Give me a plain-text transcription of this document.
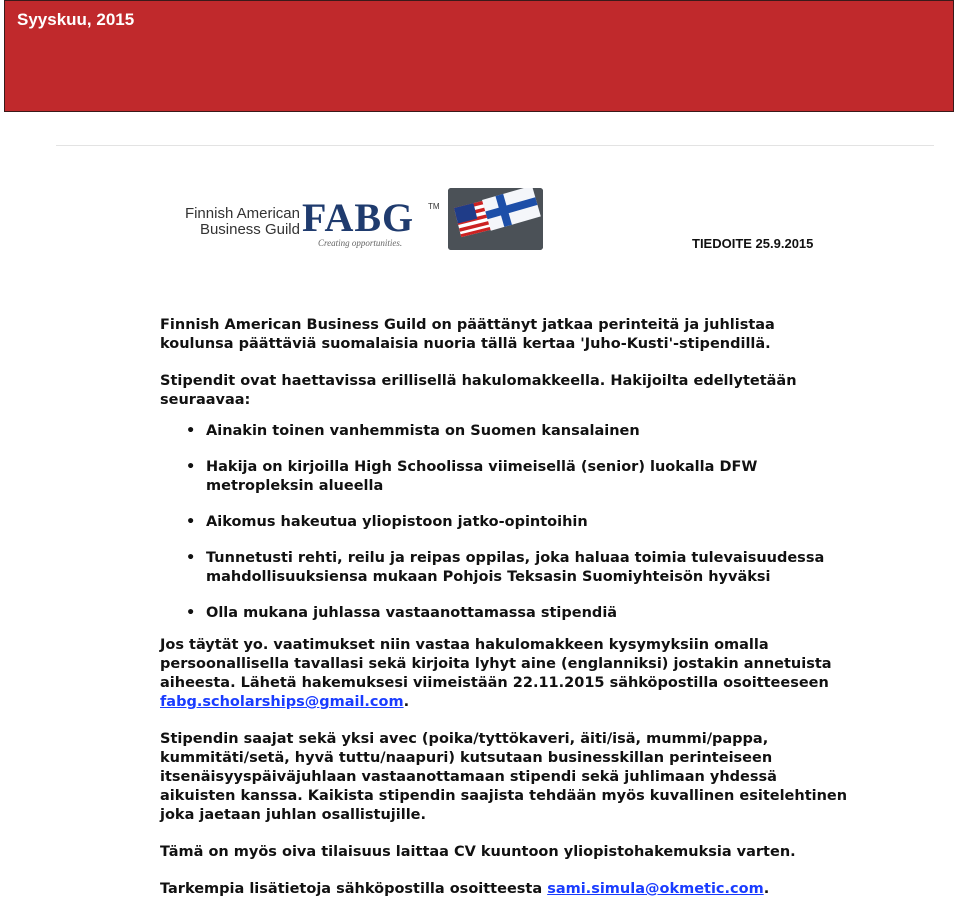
Syyskuu, 2015
Finnish American
Business Guild FABG TM
Creating opportunities.	TIEDOITE 25.9.2015

Finnish American Business Guild on päättänyt jatkaa perinteitä ja juhlistaa koulunsa päättäviä suomalaisia nuoria tällä kertaa 'Juho-Kusti'-stipendillä.

Stipendit ovat haettavissa erillisellä hakulomakkeella. Hakijoilta edellytetään seuraavaa:

• Ainakin toinen vanhemmista on Suomen kansalainen
• Hakija on kirjoilla High Schoolissa viimeisellä (senior) luokalla DFW metropleksin alueella
• Aikomus hakeutua yliopistoon jatko-opintoihin
• Tunnetusti rehti, reilu ja reipas oppilas, joka haluaa toimia tulevaisuudessa mahdollisuuksiensa mukaan Pohjois Teksasin Suomiyhteisön hyväksi
• Olla mukana juhlassa vastaanottamassa stipendiä

Jos täytät yo. vaatimukset niin vastaa hakulomakkeen kysymyksiin omalla persoonallisella tavallasi sekä kirjoita lyhyt aine (englanniksi) jostakin annetuista aiheesta. Lähetä hakemuksesi viimeistään 22.11.2015 sähköpostilla osoitteeseen fabg.scholarships@gmail.com.

Stipendin saajat sekä yksi avec (poika/tyttökaveri, äiti/isä, mummi/pappa, kummitäti/setä, hyvä tuttu/naapuri) kutsutaan businesskillan perinteiseen itsenäisyyspäiväjuhlaan vastaanottamaan stipendi sekä juhlimaan yhdessä aikuisten kanssa. Kaikista stipendin saajista tehdään myös kuvallinen esitelehtinen joka jaetaan juhlan osallistujille.

Tämä on myös oiva tilaisuus laittaa CV kuuntoon yliopistohakemuksia varten.

Tarkempia lisätietoja sähköpostilla osoitteesta sami.simula@okmetic.com.
